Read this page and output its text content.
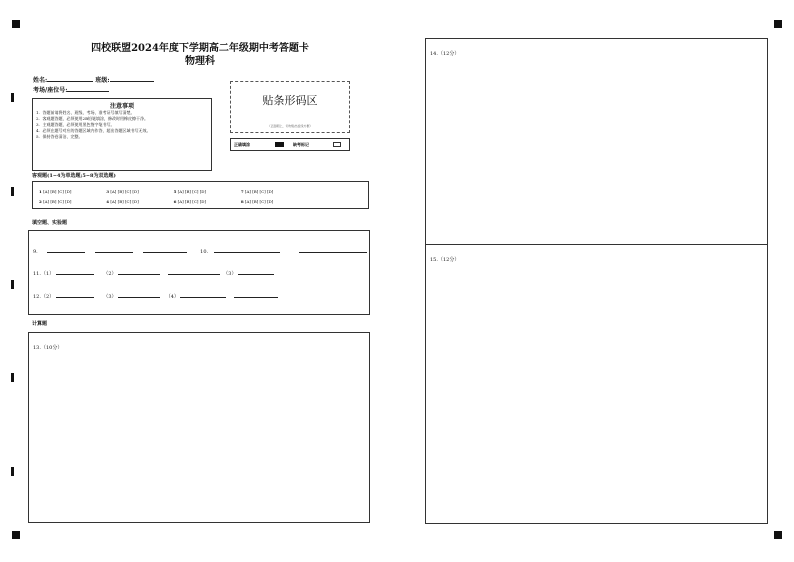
四校联盟2024年度下学期高二年级期中考答题卡
物理科
姓名:	班级:
考场/座位号:
注意事项
1．答题前请将姓名、班级、考场、准考证号填写清楚。
2．客观题答题，必须使用2B铅笔填涂，修改时用橡皮擦干净。
3．主观题答题，必须使用黑色签字笔书写。
4．必须在题号对应的答题区域内作答，超出答题区域书写无效。
5．保持答卷清洁、完整。
贴条形码区
（正面朝上，切勿贴出虚线方框）
正确填涂	缺考标记
客观题(1~4为单选题;5~8为双选题)
1 [A] [B] [C] [D]	3 [A] [B] [C] [D]	5 [A] [B] [C] [D]	7 [A] [B] [C] [D]
2 [A] [B] [C] [D]	4 [A] [B] [C] [D]	6 [A] [B] [C] [D]	8 [A] [B] [C] [D]
填空题、实验题
9.	10.
11.（1）	（2）	（3）
12.（2）	（3）	（4）
计算题
13.（10分）
14.（12分）
15.（12分）
